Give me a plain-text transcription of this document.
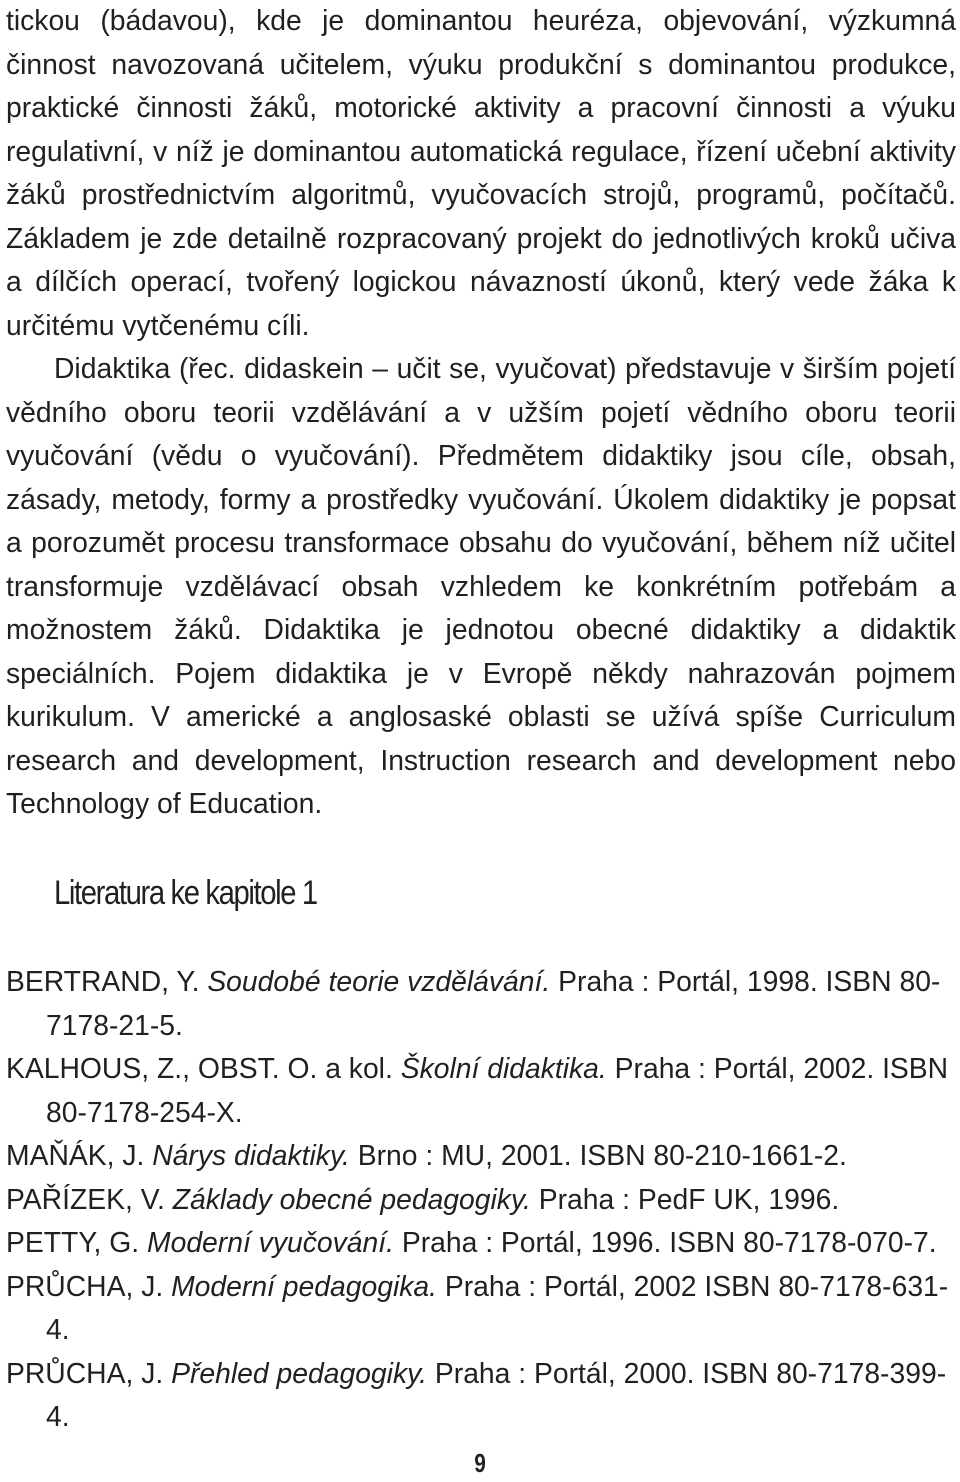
tickou (bádavou), kde je dominantou heuréza, objevování, výzkumná činnost navozovaná učitelem, výuku produkční s dominantou produkce, praktické činnosti žáků, motorické aktivity a pracovní činnosti a výuku regulativní, v níž je dominantou automatická regulace, řízení učební aktivity žáků prostřednictvím algoritmů, vyučovacích strojů, programů, počítačů. Základem je zde detailně rozpracovaný projekt do jednotlivých kroků učiva a dílčích operací, tvořený logickou návazností úkonů, který vede žáka k určitému vytčenému cíli.

Didaktika (řec. didaskein – učit se, vyučovat) představuje v širším pojetí vědního oboru teorii vzdělávání a v užším pojetí vědního oboru teorii vyučování (vědu o vyučování). Předmětem didaktiky jsou cíle, obsah, zásady, metody, formy a prostředky vyučování. Úkolem didaktiky je popsat a porozumět procesu transformace obsahu do vyučování, během níž učitel transformuje vzdělávací obsah vzhledem ke konkrétním potřebám a možnostem žáků. Didaktika je jednotou obecné didaktiky a didaktik speciálních. Pojem didaktika je v Evropě někdy nahrazován pojmem kurikulum. V americké a anglosaské oblasti se užívá spíše Curriculum research and development, Instruction research and development nebo Technology of Education.

Literatura ke kapitole 1
BERTRAND, Y. Soudobé teorie vzdělávání. Praha : Portál, 1998. ISBN 80-7178-21-5.
KALHOUS, Z., OBST. O. a kol. Školní didaktika. Praha : Portál, 2002. ISBN 80-7178-254-X.
MAŇÁK, J. Nárys didaktiky. Brno : MU, 2001. ISBN 80-210-1661-2.
PAŘÍZEK, V. Základy obecné pedagogiky. Praha : PedF UK, 1996.
PETTY, G. Moderní vyučování. Praha : Portál, 1996. ISBN 80-7178-070-7.
PRŮCHA, J. Moderní pedagogika. Praha : Portál, 2002 ISBN 80-7178-631-4.
PRŮCHA, J. Přehled pedagogiky. Praha : Portál, 2000. ISBN 80-7178-399-4.
9
